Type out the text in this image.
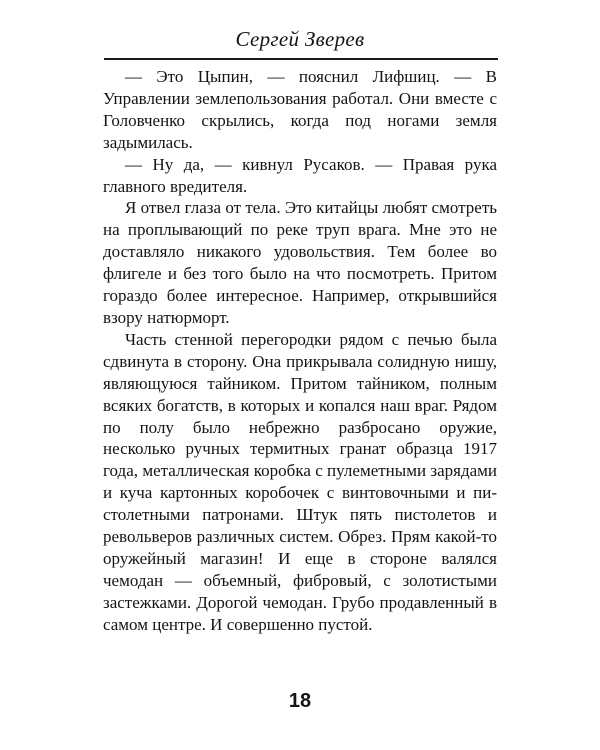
Сергей Зверев

— Это Цыпин, — пояснил Лифшиц. — В Управлении землепользования работал. Они вместе с Головченко скрылись, когда под ногами земля задымилась.

— Ну да, — кивнул Русаков. — Правая рука главного вредителя.

Я отвел глаза от тела. Это китайцы любят смотреть на проплывающий по реке труп врага. Мне это не доставляло никакого удовольствия. Тем более во флигеле и без того было на что посмотреть. Притом гораздо более интересное. Например, открывшийся взору натюрморт.

Часть стенной перегородки рядом с печью была сдвинута в сторону. Она прикрывала солидную нишу, являющуюся тайником. Притом тайником, полным всяких богатств, в которых и копался наш враг. Рядом по полу было небрежно разбросано оружие, несколько ручных термитных гранат образца 1917 года, металлическая коробка с пулеметными зарядами и куча картонных коробочек с винтовочными и пистолетными патронами. Штук пять пистолетов и револьверов различных систем. Обрез. Прям какой-то оружейный магазин! И еще в стороне валялся чемодан — объемный, фибровый, с золотистыми застежками. Дорогой чемодан. Грубо продавленный в самом центре. И совершенно пустой.

18
